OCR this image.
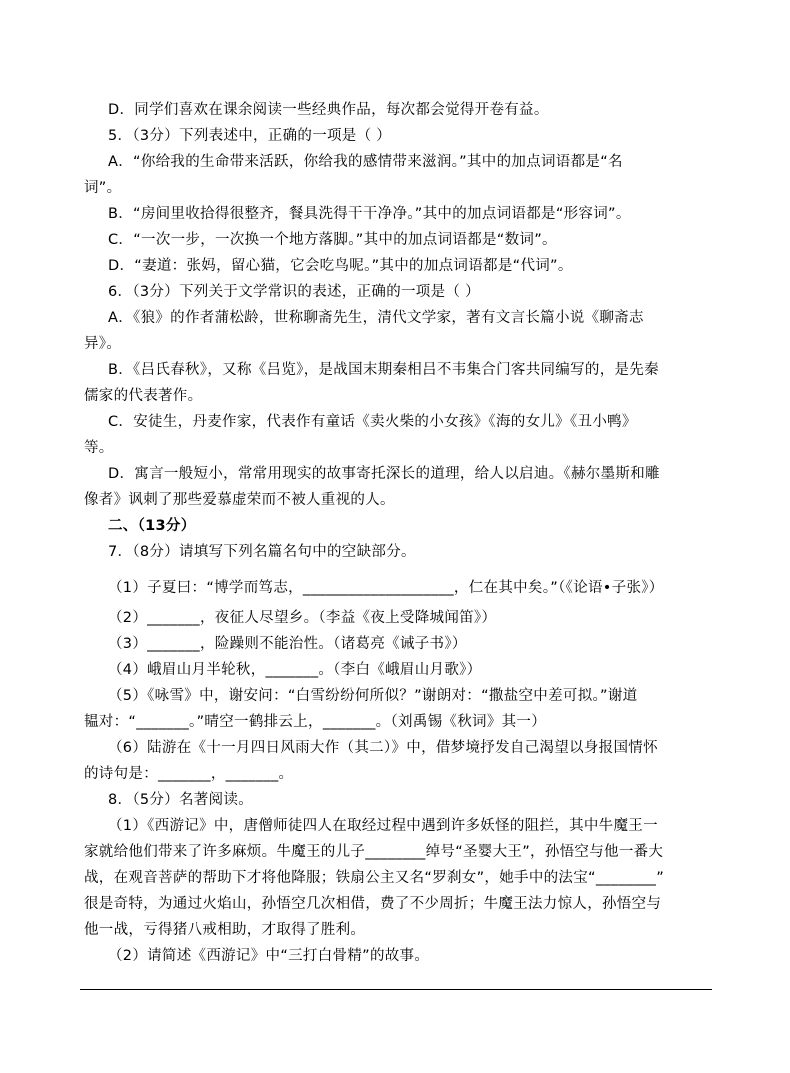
D．同学们喜欢在课余阅读一些经典作品，每次都会觉得开卷有益。
5．（3分）下列表述中，正确的一项是（ ）
A．“你给我的生命带来活跃，你给我的感情带来滋润。”其中的加点词语都是“名
词”。
B．“房间里收拾得很整齐，餐具洗得干干净净。”其中的加点词语都是“形容词”。
C．“一次一步，一次换一个地方落脚。”其中的加点词语都是“数词”。
D．“妻道：张妈，留心猫，它会吃鸟呢。”其中的加点词语都是“代词”。
6．（3分）下列关于文学常识的表述，正确的一项是（ ）
A．《狼》的作者蒲松龄，世称聊斋先生，清代文学家，著有文言长篇小说《聊斋志
异》。
B．《吕氏春秋》，又称《吕览》，是战国末期秦相吕不韦集合门客共同编写的，是先秦
儒家的代表著作。
C．安徒生，丹麦作家，代表作有童话《卖火柴的小女孩》《海的女儿》《丑小鸭》
等。
D．寓言一般短小，常常用现实的故事寄托深长的道理，给人以启迪。《赫尔墨斯和雕
像者》讽刺了那些爱慕虚荣而不被人重视的人。
二、（13分）
7．（8分）请填写下列名篇名句中的空缺部分。
（1）子夏曰：“博学而笃志，____________________，仁在其中矣。”（《论语•子张》）
（2）_______，夜征人尽望乡。（李益《夜上受降城闻笛》）
（3）_______，险躁则不能治性。（诸葛亮《诫子书》）
（4）峨眉山月半轮秋，_______。（李白《峨眉山月歌》）
（5）《咏雪》中，谢安问：“白雪纷纷何所似？”谢朗对：“撒盐空中差可拟。”谢道
韫对：“_______。”晴空一鹤排云上，_______。（刘禹锡《秋词》其一）
（6）陆游在《十一月四日风雨大作（其二）》中，借梦境抒发自己渴望以身报国情怀
的诗句是：_______，_______。
8．（5分）名著阅读。
（1）《西游记》中，唐僧师徒四人在取经过程中遇到许多妖怪的阻拦，其中牛魔王一
家就给他们带来了许多麻烦。牛魔王的儿子________绰号“圣婴大王”，孙悟空与他一番大
战，在观音菩萨的帮助下才将他降服；铁扇公主又名“罗刹女”，她手中的法宝“________”
很是奇特，为通过火焰山，孙悟空几次相借，费了不少周折；牛魔王法力惊人，孙悟空与
他一战，亏得猪八戒相助，才取得了胜利。
（2）请简述《西游记》中“三打白骨精”的故事。
